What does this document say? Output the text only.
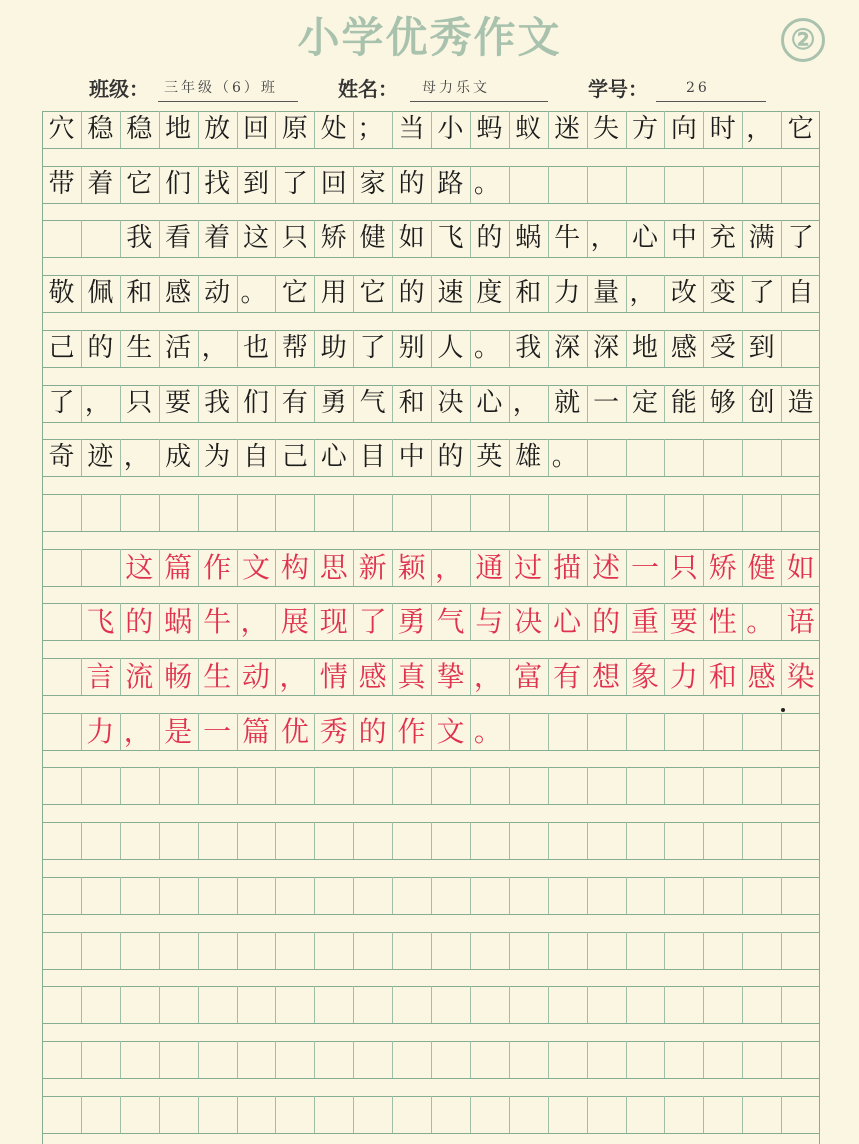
小学优秀作文	②
班级： 三年级（6）班	姓名： 母力乐文	学号：	26
穴 稳 稳 地 放 回 原 处 ； 当 小 蚂 蚁 迷 失 方 向 时 ， 它
带 着 它 们 找 到 了 回 家 的 路 。
我 看 着 这 只 矫 健 如 飞 的 蜗 牛 ， 心 中 充 满 了
敬 佩 和 感 动 。 它 用 它 的 速 度 和 力 量 ， 改 变 了 自
己 的 生 活 ， 也 帮 助 了 别 人 。 我 深 深 地 感 受 到
了 ， 只 要 我 们 有 勇 气 和 决 心 ， 就 一 定 能 够 创 造
奇 迹 ， 成 为 自 己 心 目 中 的 英 雄 。
这 篇 作 文 构 思 新 颖 ， 通 过 描 述 一 只 矫 健 如
飞 的 蜗 牛 ， 展 现 了 勇 气 与 决 心 的 重 要 性 。 语
言 流 畅 生 动 ， 情 感 真 挚 ， 富 有 想 象 力 和 感 染
力 ， 是 一 篇 优 秀 的 作 文 。
